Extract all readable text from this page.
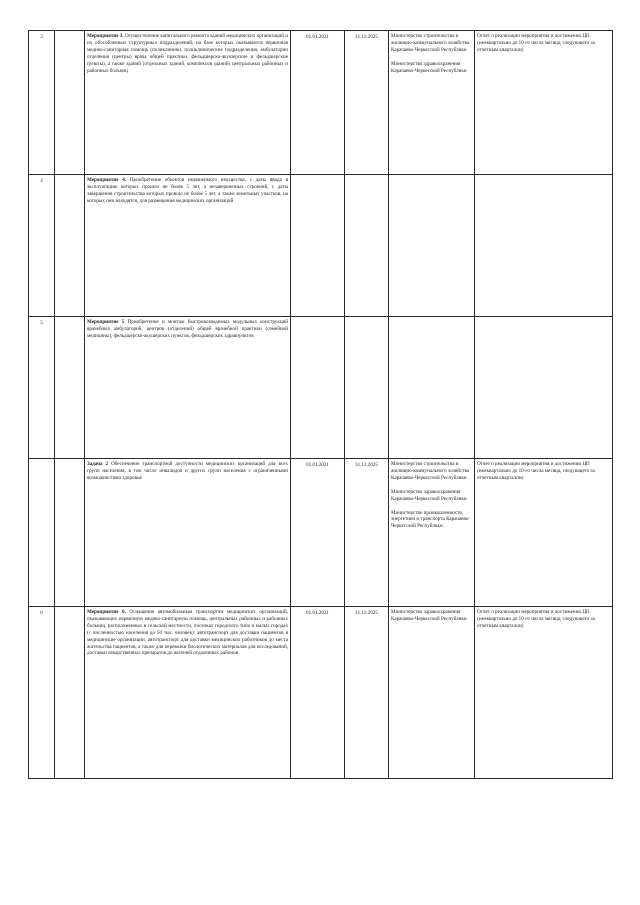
3		Мероприятие 3. Осуществление капитального ремонта зданий медицинских организаций и их обособленных структурных подразделений, на базе которых оказывается первичная медико-санитарная помощь (поликлиники, поликлинические подразделения, амбулатории отделения (центры) врача общей практики, фельдшерско-акушерские и фельдшерские пункты), а также зданий (отдельных зданий, комплексов зданий) центральных районных и районных больниц	01.01.2021	31.12.2025	Министерство строительства и жилищно-коммунального хозяйства Карачаево-Черкесской Республики
Министерство здравоохранения Карачаево-Черкесской Республики	Отчет о реализации мероприятия и достижении ЦП (ежеквартально до 10-го числа месяца, следующего за отчетным кварталом)
4		Мероприятие 4. Приобретение объектов недвижимого имущества, с даты ввода в эксплуатацию которых прошло не более 5 лет, а незавершенных строений, с даты завершения строительства которых прошло не более 5 лет, а также земельных участков, на которых они находятся, для размещения медицинских организаций				
5		Мероприятие 5 Приобретение и монтаж быстровозводимых модульных конструкций врачебных амбулаторий, центров (отделений) общей врачебной практики (семейной медицины), фельдшерско-акушерских пунктов, фельдшерских здравпунктов				
		Задача 2 Обеспечение транспортной доступности медицинских организаций для всех групп населения, в том числе инвалидов и других групп населения с ограниченными возможностями здоровья	01.01.2021	31.12.2025	Министерство строительства и жилищно-коммунального хозяйства Карачаево-Черкесской Республики
Министерство здравоохранения Карачаево-Черкесской Республики
Министерство промышленности, энергетики и транспорта Карачаево-Черкесской Республики	Отчет о реализации мероприятия и достижении ЦП (ежеквартально до 10-го числа месяца, следующего за отчетным кварталом)
6		Мероприятие 6. Оснащение автомобильным транспортом медицинских организаций, оказывающих первичную медико-санитарную помощь, центральных районных и районных больниц, расположенных в сельской местности, поселках городского типа и малых городах (с численностью населения до 50 тыс. человек): автотранспорт для доставки пациентов в медицинские организации, автотранспорт для доставки медицинских работников до места жительства пациентов, а также для перевозки биологических материалов для исследований, доставки лекарственных препаратов до жителей отдаленных районов	01.01.2021	31.12.2025	Министерство здравоохранения Карачаево-Черкесской Республики	Отчет о реализации мероприятия и достижении ЦП (ежеквартально до 10-го числа месяца, следующего за отчетным кварталом)
